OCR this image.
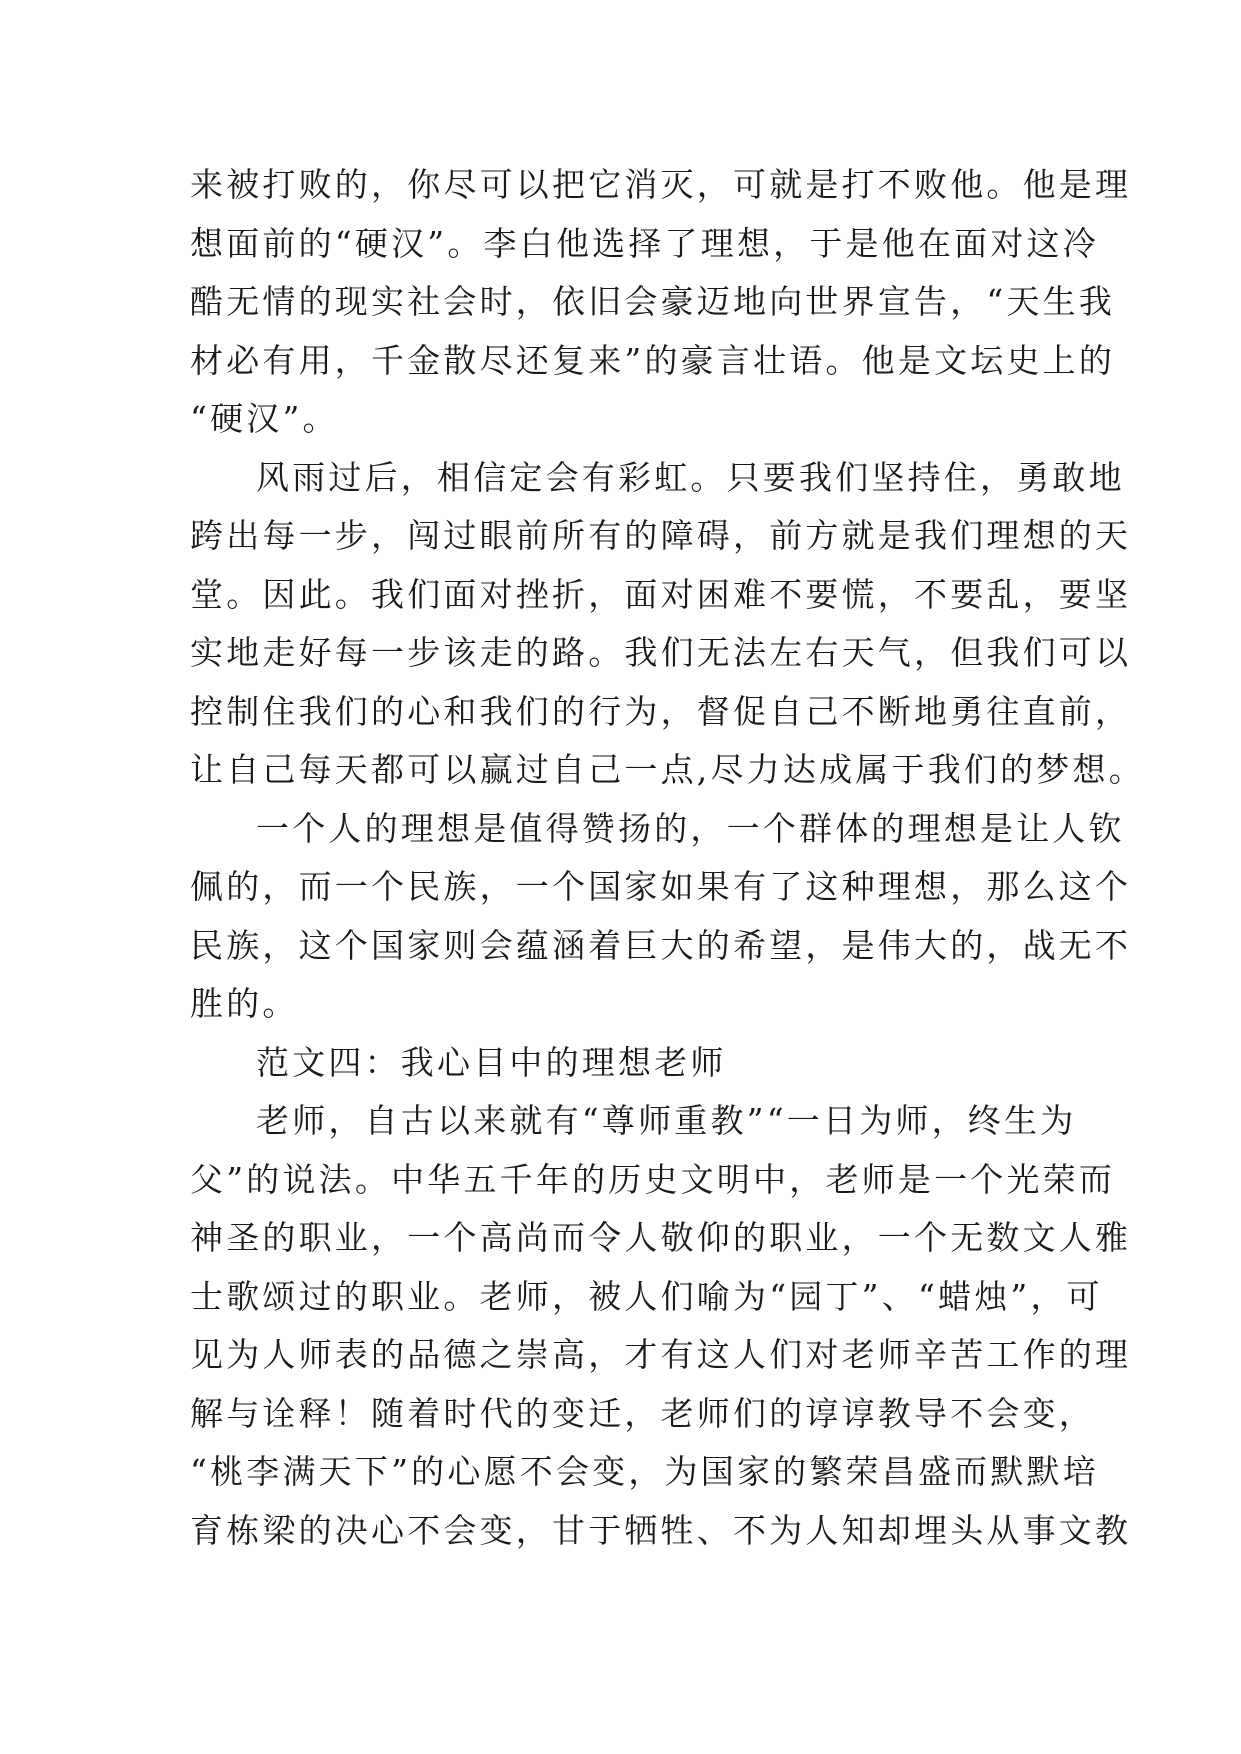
来被打败的，你尽可以把它消灭，可就是打不败他。他是理
想面前的“硬汉”。李白他选择了理想，于是他在面对这冷
酷无情的现实社会时，依旧会豪迈地向世界宣告，“天生我
材必有用，千金散尽还复来”的豪言壮语。他是文坛史上的
“硬汉”。
风雨过后，相信定会有彩虹。只要我们坚持住，勇敢地
跨出每一步，闯过眼前所有的障碍，前方就是我们理想的天
堂。因此。我们面对挫折，面对困难不要慌，不要乱，要坚
实地走好每一步该走的路。我们无法左右天气，但我们可以
控制住我们的心和我们的行为，督促自己不断地勇往直前，
让自己每天都可以赢过自己一点,尽力达成属于我们的梦想。
一个人的理想是值得赞扬的，一个群体的理想是让人钦
佩的，而一个民族，一个国家如果有了这种理想，那么这个
民族，这个国家则会蕴涵着巨大的希望，是伟大的，战无不
胜的。
范文四：我心目中的理想老师
老师，自古以来就有“尊师重教”“一日为师，终生为
父”的说法。中华五千年的历史文明中，老师是一个光荣而
神圣的职业，一个高尚而令人敬仰的职业，一个无数文人雅
士歌颂过的职业。老师，被人们喻为“园丁”、“蜡烛”，可
见为人师表的品德之崇高，才有这人们对老师辛苦工作的理
解与诠释！随着时代的变迁，老师们的谆谆教导不会变，
“桃李满天下”的心愿不会变，为国家的繁荣昌盛而默默培
育栋梁的决心不会变，甘于牺牲、不为人知却埋头从事文教
